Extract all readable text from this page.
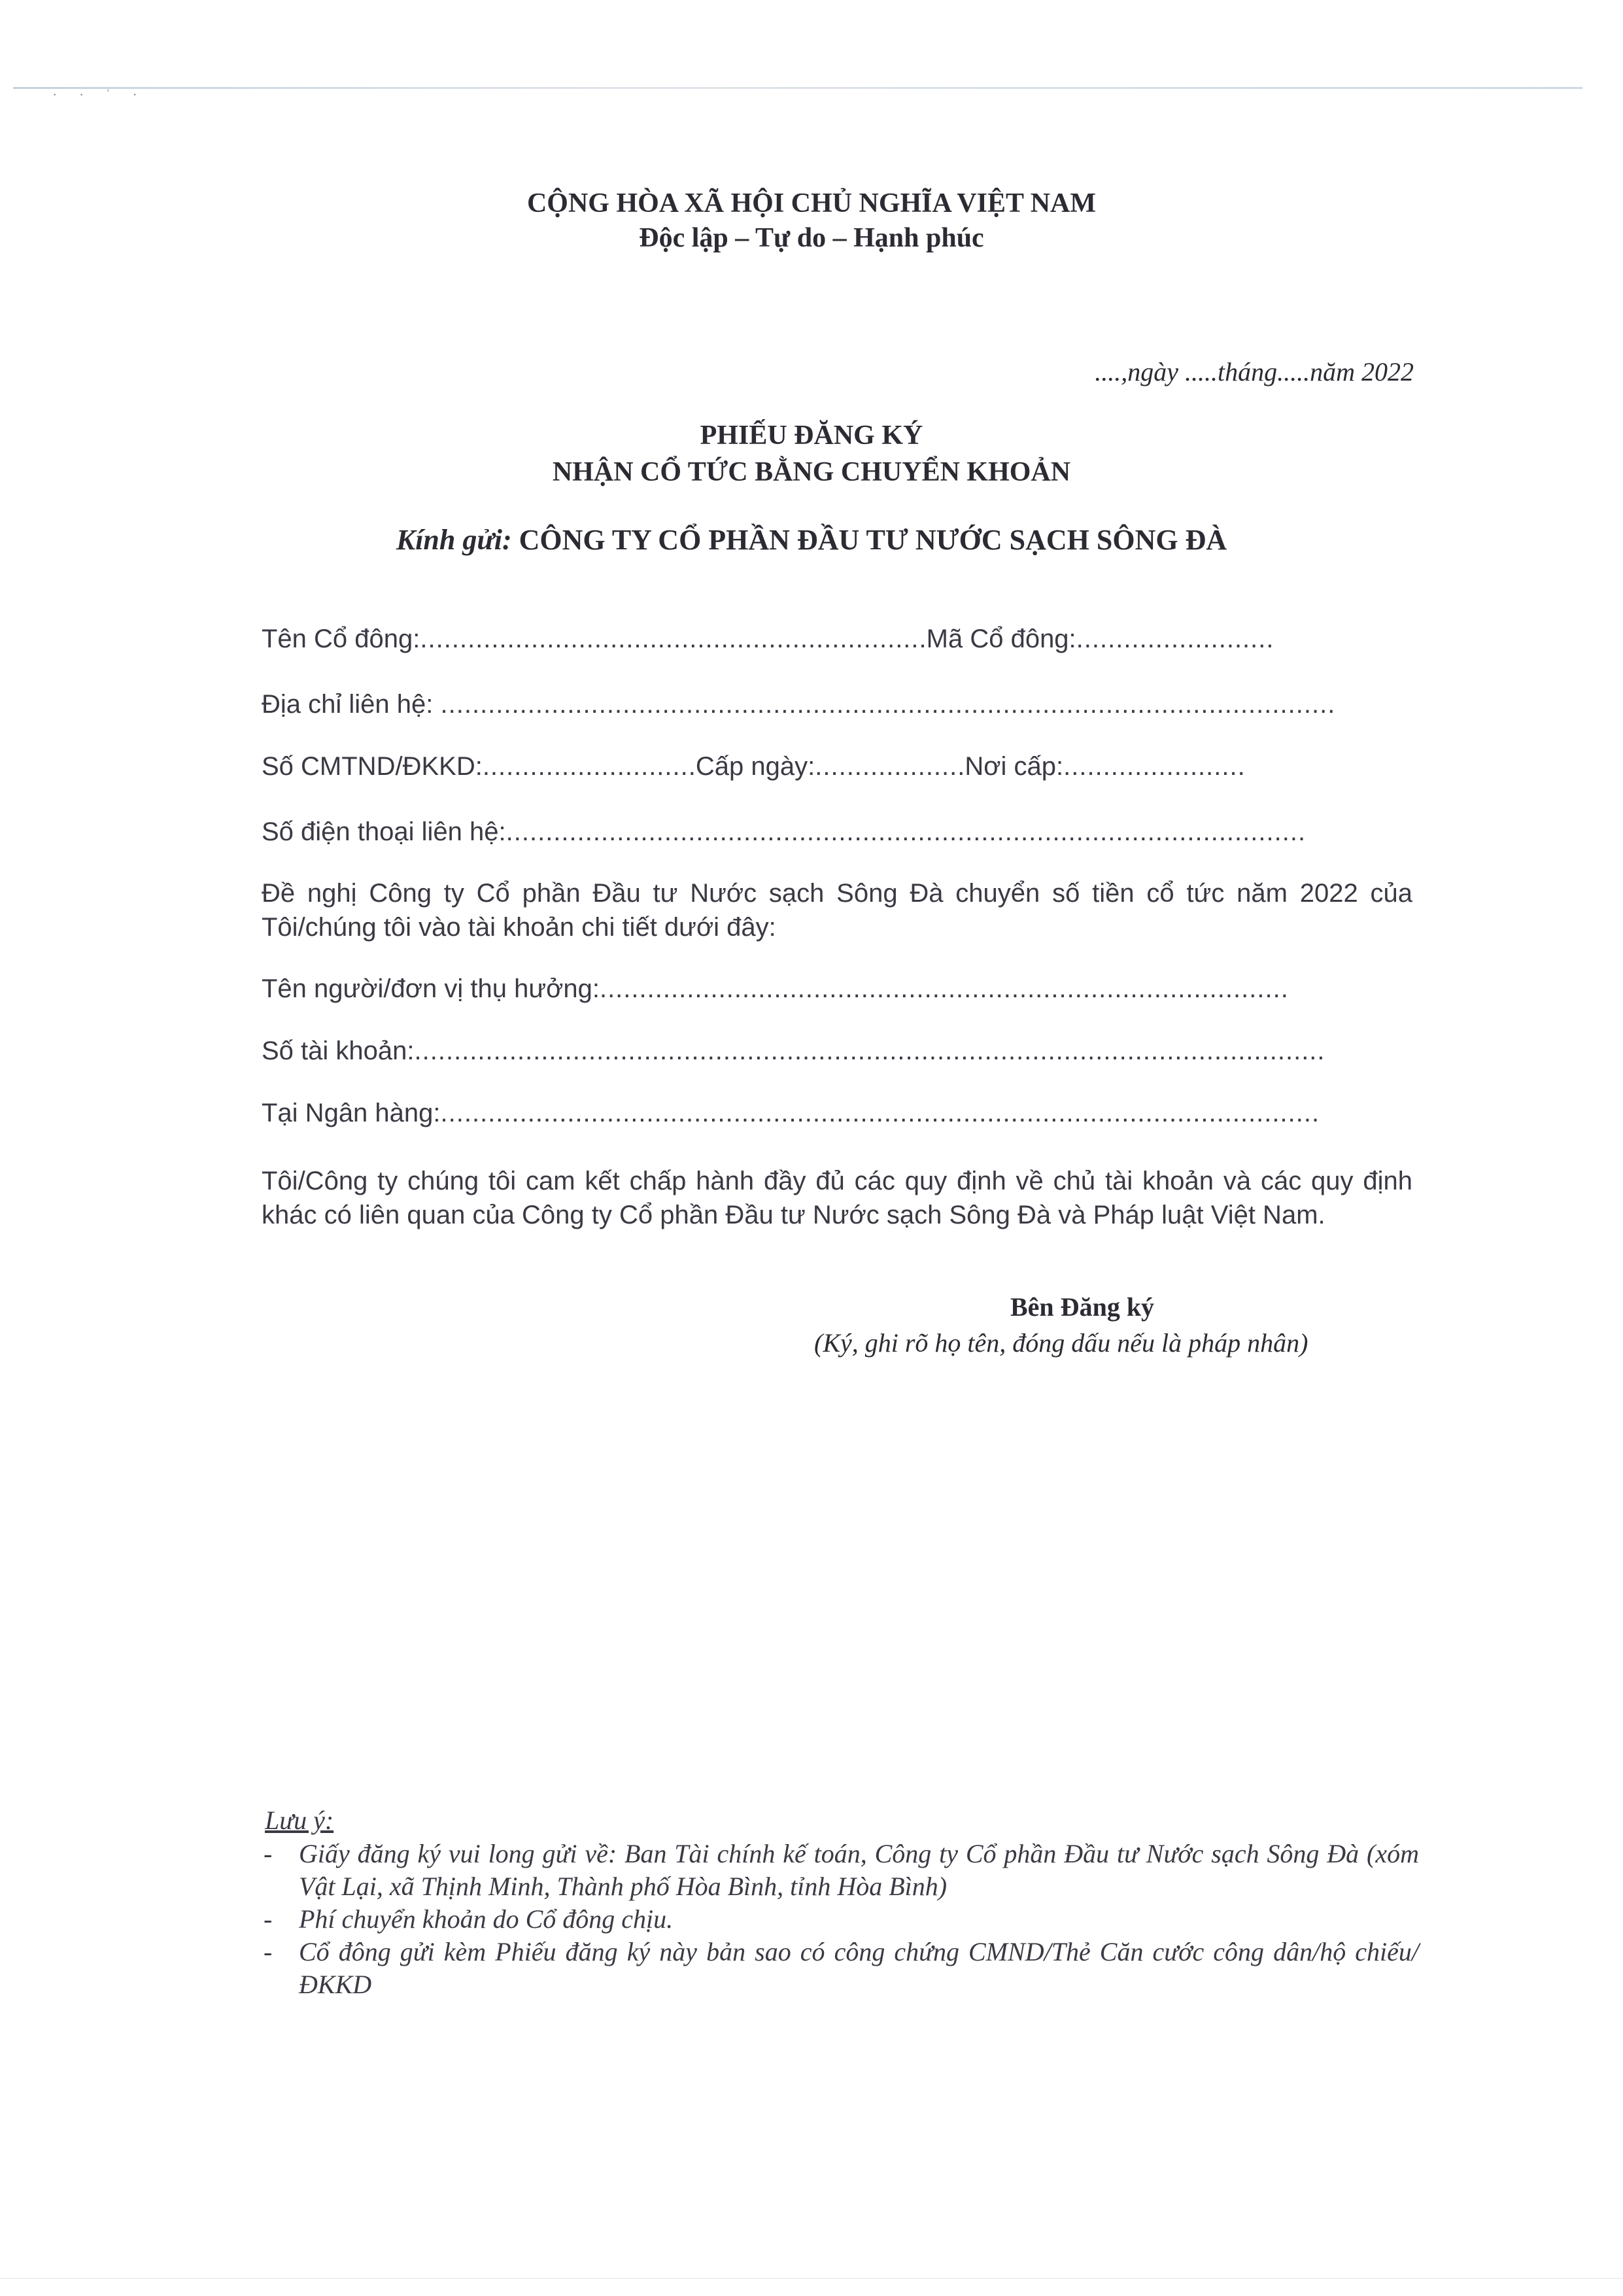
· · ˈ ·
CỘNG HÒA XÃ HỘI CHỦ NGHĨA VIỆT NAM
Độc lập – Tự do – Hạnh phúc
....,ngày .....tháng.....năm 2022
PHIẾU ĐĂNG KÝ
NHẬN CỔ TỨC BẰNG CHUYỂN KHOẢN
Kính gửi: CÔNG TY CỔ PHẦN ĐẦU TƯ NƯỚC SẠCH SÔNG ĐÀ
Tên Cổ đông:................................................................Mã Cổ đông:.........................
Địa chỉ liên hệ: .................................................................................................................
Số CMTND/ĐKKD:...........................Cấp ngày:...................Nơi cấp:.......................
Số điện thoại liên hệ:.....................................................................................................
Đề nghị Công ty Cổ phần Đầu tư Nước sạch Sông Đà chuyển số tiền cổ tức năm 2022 của Tôi/chúng tôi vào tài khoản chi tiết dưới đây:
Tên người/đơn vị thụ hưởng:.......................................................................................
Số tài khoản:...................................................................................................................
Tại Ngân hàng:...............................................................................................................
Tôi/Công ty chúng tôi cam kết chấp hành đầy đủ các quy định về chủ tài khoản và các quy định khác có liên quan của Công ty Cổ phần Đầu tư Nước sạch Sông Đà và Pháp luật Việt Nam.
Bên Đăng ký
(Ký, ghi rõ họ tên, đóng dấu nếu là pháp nhân)
Lưu ý:
- Giấy đăng ký vui long gửi về: Ban Tài chính kế toán, Công ty Cổ phần Đầu tư Nước sạch Sông Đà (xóm Vật Lại, xã Thịnh Minh, Thành phố Hòa Bình, tỉnh Hòa Bình)
- Phí chuyển khoản do Cổ đông chịu.
- Cổ đông gửi kèm Phiếu đăng ký này bản sao có công chứng CMND/Thẻ Căn cước công dân/hộ chiếu/ĐKKD
